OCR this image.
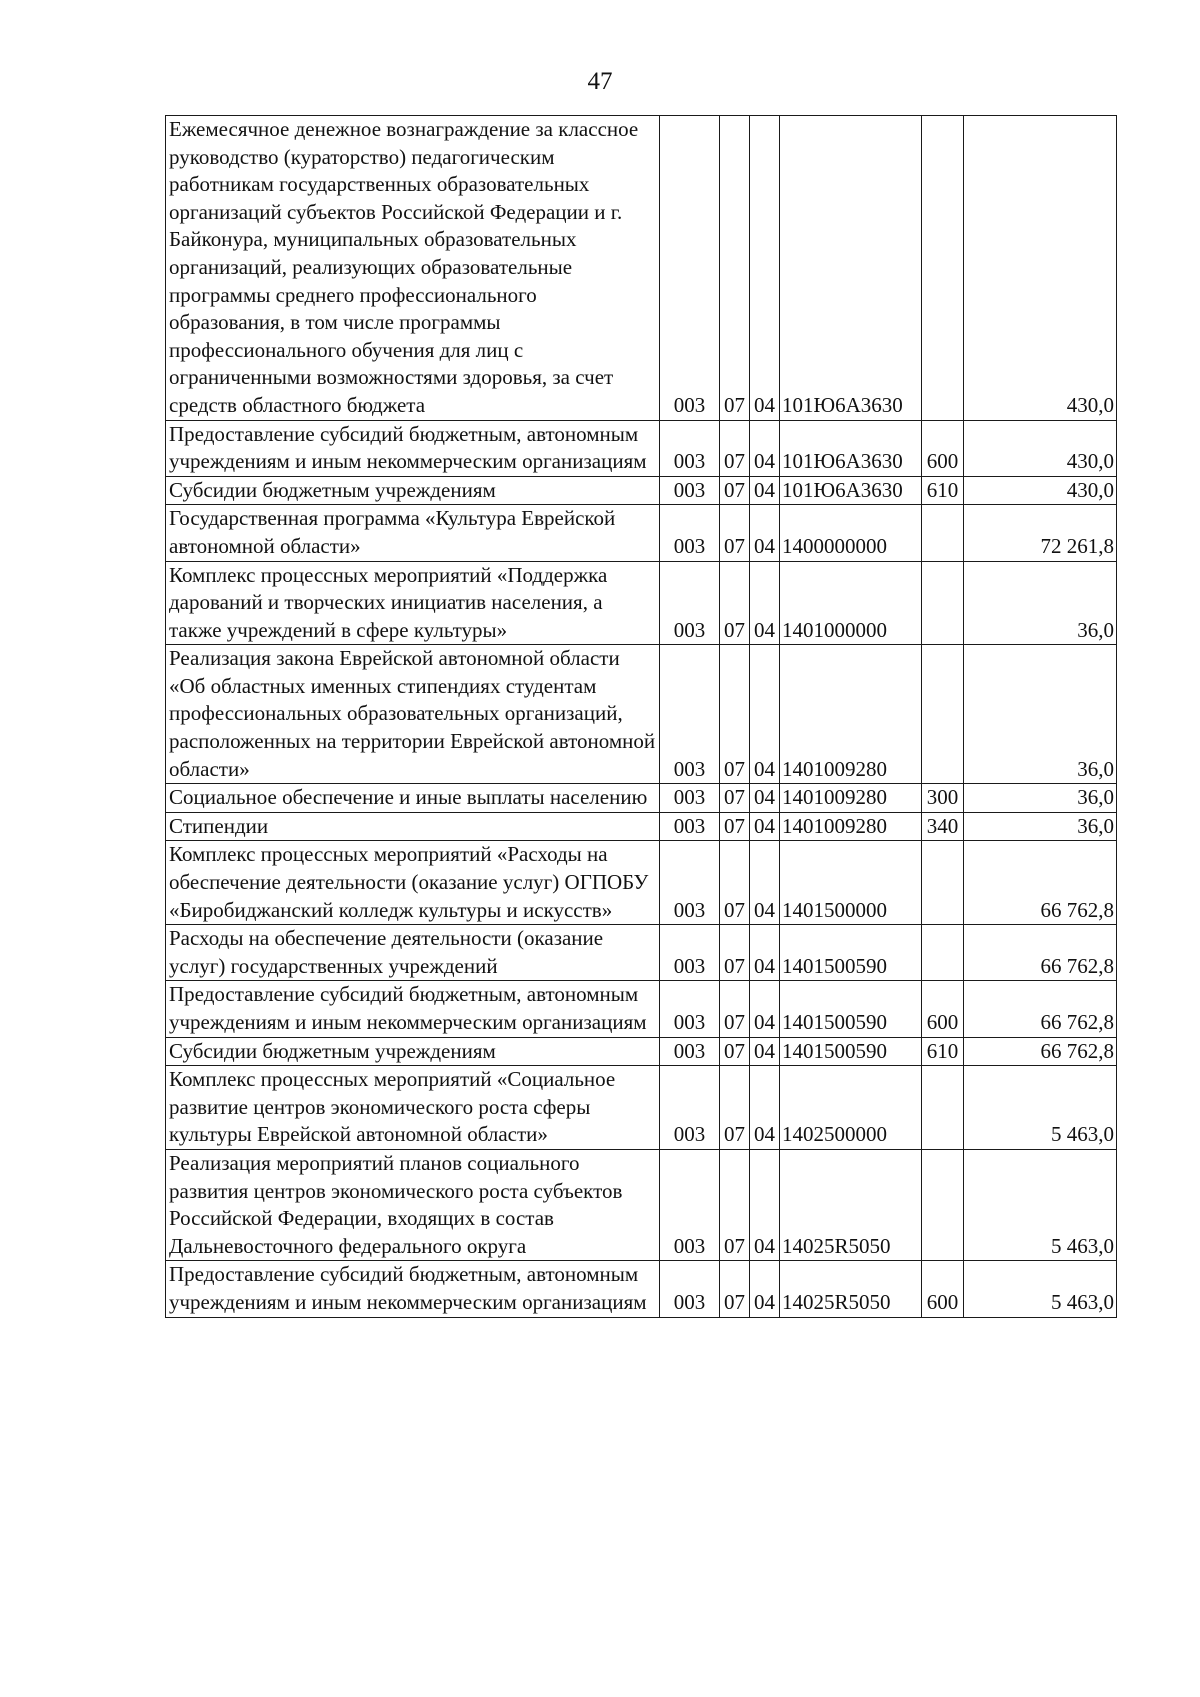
47
Ежемесячное денежное вознаграждение за классное руководство (кураторство) педагогическим работникам государственных образовательных организаций субъектов Российской Федерации и г. Байконура, муниципальных образовательных организаций, реализующих образовательные программы среднего профессионального образования, в том числе программы профессионального обучения для лиц с ограниченными возможностями здоровья, за счет средств областного бюджета	003	07	04	101Ю6А3630		430,0
Предоставление субсидий бюджетным, автономным учреждениям и иным некоммерческим организациям	003	07	04	101Ю6А3630	600	430,0
Субсидии бюджетным учреждениям	003	07	04	101Ю6А3630	610	430,0
Государственная программа «Культура Еврейской автономной области»	003	07	04	1400000000		72 261,8
Комплекс процессных мероприятий «Поддержка дарований и творческих инициатив населения, а также учреждений в сфере культуры»	003	07	04	1401000000		36,0
Реализация закона Еврейской автономной области «Об областных именных стипендиях студентам профессиональных образовательных организаций, расположенных на территории Еврейской автономной области»	003	07	04	1401009280		36,0
Социальное обеспечение и иные выплаты населению	003	07	04	1401009280	300	36,0
Стипендии	003	07	04	1401009280	340	36,0
Комплекс процессных мероприятий «Расходы на обеспечение деятельности (оказание услуг) ОГПОБУ «Биробиджанский колледж культуры и искусств»	003	07	04	1401500000		66 762,8
Расходы на обеспечение деятельности (оказание услуг) государственных учреждений	003	07	04	1401500590		66 762,8
Предоставление субсидий бюджетным, автономным учреждениям и иным некоммерческим организациям	003	07	04	1401500590	600	66 762,8
Субсидии бюджетным учреждениям	003	07	04	1401500590	610	66 762,8
Комплекс процессных мероприятий «Социальное развитие центров экономического роста сферы культуры Еврейской автономной области»	003	07	04	1402500000		5 463,0
Реализация мероприятий планов социального развития центров экономического роста субъектов Российской Федерации, входящих в состав Дальневосточного федерального округа	003	07	04	14025R5050		5 463,0
Предоставление субсидий бюджетным, автономным учреждениям и иным некоммерческим организациям	003	07	04	14025R5050	600	5 463,0
